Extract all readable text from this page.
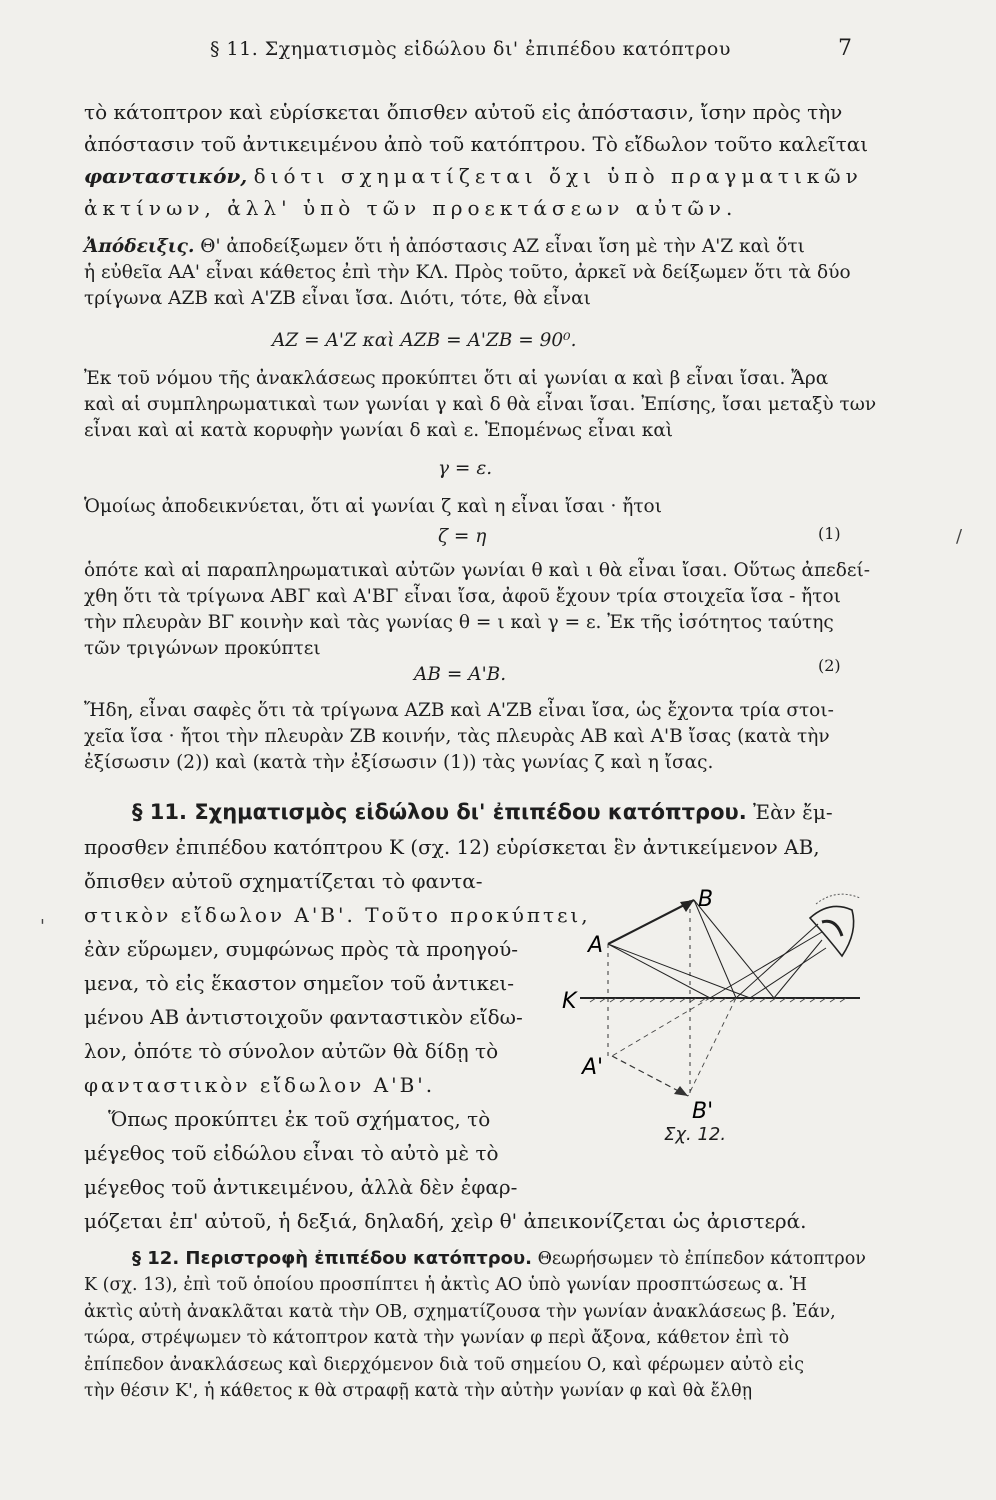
§ 11. Σχηματισμὸς εἰδώλου δι' ἐπιπέδου κατόπτρου	7

τὸ κάτοπτρον καὶ εὑρίσκεται ὄπισθεν αὐτοῦ εἰς ἀπόστασιν, ἴσην πρὸς τὴν

ἀπόστασιν τοῦ ἀντικειμένου ἀπὸ τοῦ κατόπτρου. Τὸ εἴδωλον τοῦτο καλεῖται

φανταστικόν, διότι σχηματίζεται ὄχι ὑπὸ πραγματικῶν

ἀκτίνων, ἀλλ' ὑπὸ τῶν προεκτάσεων αὐτῶν.

Ἀπόδειξις. Θ' ἀποδείξωμεν ὅτι ἡ ἀπόστασις ΑΖ εἶναι ἴση μὲ τὴν Α'Ζ καὶ ὅτι

ἡ εὐθεῖα ΑΑ' εἶναι κάθετος ἐπὶ τὴν ΚΛ. Πρὸς τοῦτο, ἀρκεῖ νὰ δείξωμεν ὅτι τὰ δύο

τρίγωνα ΑΖΒ καὶ Α'ΖΒ εἶναι ἴσα. Διότι, τότε, θὰ εἶναι

ΑΖ = Α'Ζ καὶ ΑΖΒ = Α'ΖΒ = 90⁰.

Ἐκ τοῦ νόμου τῆς ἀνακλάσεως προκύπτει ὅτι αἱ γωνίαι α καὶ β εἶναι ἴσαι. Ἄρα

καὶ αἱ συμπληρωματικαὶ των γωνίαι γ καὶ δ θὰ εἶναι ἴσαι. Ἐπίσης, ἴσαι μεταξὺ των

εἶναι καὶ αἱ κατὰ κορυφὴν γωνίαι δ καὶ ε. Ἑπομένως εἶναι καὶ

γ = ε.

Ὁμοίως ἀποδεικνύεται, ὅτι αἱ γωνίαι ζ καὶ η εἶναι ἴσαι · ἤτοι

ζ = η	(1)

ὁπότε καὶ αἱ παραπληρωματικαὶ αὐτῶν γωνίαι θ καὶ ι θὰ εἶναι ἴσαι. Οὕτως ἀπεδεί-

χθη ὅτι τὰ τρίγωνα ΑΒΓ καὶ Α'ΒΓ εἶναι ἴσα, ἀφοῦ ἔχουν τρία στοιχεῖα ἴσα - ἤτοι

τὴν πλευρὰν ΒΓ κοινὴν καὶ τὰς γωνίας θ = ι καὶ γ = ε. Ἐκ τῆς ἰσότητος ταύτης

τῶν τριγώνων προκύπτει

ΑΒ = Α'Β.	(2)

Ἤδη, εἶναι σαφὲς ὅτι τὰ τρίγωνα ΑΖΒ καὶ Α'ΖΒ εἶναι ἴσα, ὡς ἔχοντα τρία στοι-

χεῖα ἴσα · ἤτοι τὴν πλευρὰν ΖΒ κοινήν, τὰς πλευρὰς ΑΒ καὶ Α'Β ἴσας (κατὰ τὴν

ἐξίσωσιν (2)) καὶ (κατὰ τὴν ἐξίσωσιν (1)) τὰς γωνίας ζ καὶ η ἴσας.

§ 11. Σχηματισμὸς εἰδώλου δι' ἐπιπέδου κατόπτρου. Ἐὰν ἔμ-

προσθεν ἐπιπέδου κατόπτρου Κ (σχ. 12) εὑρίσκεται ἓν ἀντικείμενον ΑΒ,

ὄπισθεν αὐτοῦ σχηματίζεται τὸ φαντα-

στικὸν εἴδωλον Α'Β'. Τοῦτο προκύπτει,

ἐὰν εὕρωμεν, συμφώνως πρὸς τὰ προηγού-

μενα, τὸ εἰς ἕκαστον σημεῖον τοῦ ἀντικει-

μένου ΑΒ ἀντιστοιχοῦν φανταστικὸν εἴδω-

λον, ὁπότε τὸ σύνολον αὐτῶν θὰ δίδῃ τὸ

φανταστικὸν εἴδωλον Α'Β'.

Ὅπως προκύπτει ἐκ τοῦ σχήματος, τὸ

μέγεθος τοῦ εἰδώλου εἶναι τὸ αὐτὸ μὲ τὸ

μέγεθος τοῦ ἀντικειμένου, ἀλλὰ δὲν ἐφαρ-

μόζεται ἐπ' αὐτοῦ, ἡ δεξιά, δηλαδή, χεὶρ θ' ἀπεικονίζεται ὡς ἀριστερά.

B
A
K
A'
B'
Σχ. 12.

§ 12. Περιστροφὴ ἐπιπέδου κατόπτρου. Θεωρήσωμεν τὸ ἐπίπεδον κάτοπτρον

Κ (σχ. 13), ἐπὶ τοῦ ὁποίου προσπίπτει ἡ ἀκτὶς ΑΟ ὑπὸ γωνίαν προσπτώσεως α. Ἡ

ἀκτὶς αὐτὴ ἀνακλᾶται κατὰ τὴν ΟΒ, σχηματίζουσα τὴν γωνίαν ἀνακλάσεως β. Ἐάν,

τώρα, στρέψωμεν τὸ κάτοπτρον κατὰ τὴν γωνίαν φ περὶ ἄξονα, κάθετον ἐπὶ τὸ

ἐπίπεδον ἀνακλάσεως καὶ διερχόμενον διὰ τοῦ σημείου Ο, καὶ φέρωμεν αὐτὸ εἰς

τὴν θέσιν Κ', ἡ κάθετος κ θὰ στραφῇ κατὰ τὴν αὐτὴν γωνίαν φ καὶ θὰ ἔλθῃ

/
'
